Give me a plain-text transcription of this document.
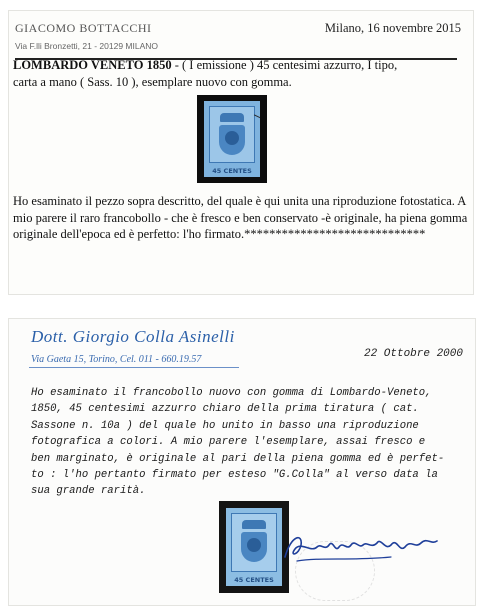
GIACOMO BOTTACCHI
Via F.lli Bronzetti, 21 - 20129 MILANO
Milano, 16 novembre 2015
LOMBARDO VENETO 1850 - ( I emissione ) 45 centesimi azzurro, I tipo,
carta a mano ( Sass. 10 ), esemplare nuovo con gomma.
45 CENTES
Ho esaminato il pezzo sopra descritto, del quale è qui unita una riproduzione fotostatica. A mio parere il raro francobollo - che è fresco e ben conservato -è originale, ha piena gomma originale dell'epoca ed è perfetto: l'ho firmato.*****************************
Dott. Giorgio Colla Asinelli
Via Gaeta 15, Torino, Cel. 011 - 660.19.57	22 Ottobre 2000
Ho esaminato il francobollo nuovo con gomma di Lombardo-Veneto,
1850, 45 centesimi azzurro chiaro della prima tiratura ( cat.
Sassone n. 10a ) del quale ho unito in basso una riproduzione
fotografica a colori. A mio parere l'esemplare, assai fresco e
ben marginato, è originale al pari della piena gomma ed è perfet-
to : l'ho pertanto firmato per esteso "G.Colla" al verso data la
sua grande rarità.
45 CENTES
